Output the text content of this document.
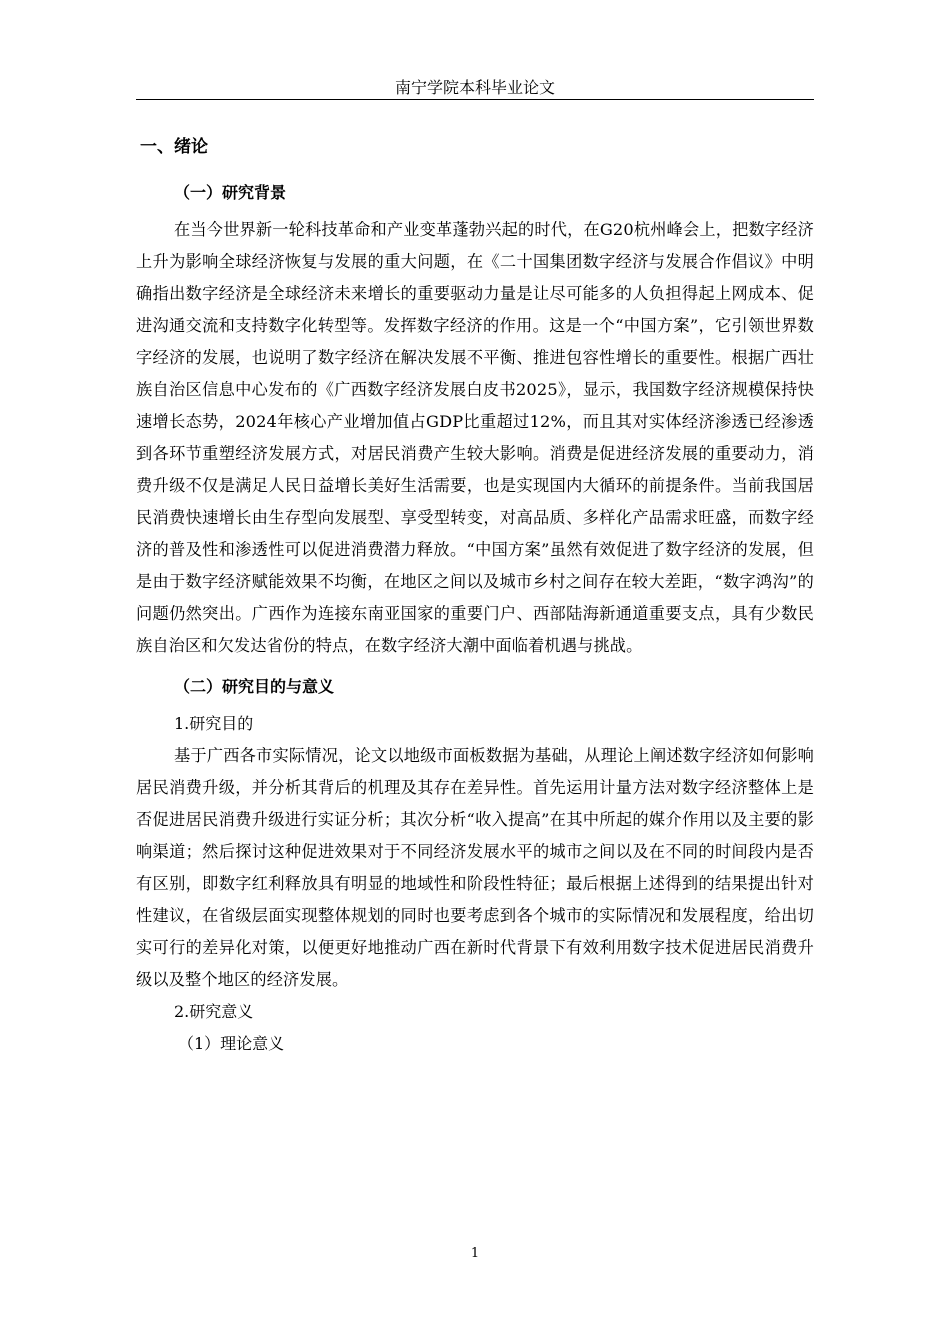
南宁学院本科毕业论文
一、绪论
（一）研究背景

在当今世界新一轮科技革命和产业变革蓬勃兴起的时代，在G20杭州峰会上，把数字经济上升为影响全球经济恢复与发展的重大问题，在《二十国集团数字经济与发展合作倡议》中明确指出数字经济是全球经济未来增长的重要驱动力量是让尽可能多的人负担得起上网成本、促进沟通交流和支持数字化转型等。发挥数字经济的作用。这是一个“中国方案”，它引领世界数字经济的发展，也说明了数字经济在解决发展不平衡、推进包容性增长的重要性。根据广西壮族自治区信息中心发布的《广西数字经济发展白皮书2025》，显示，我国数字经济规模保持快速增长态势，2024年核心产业增加值占GDP比重超过12%，而且其对实体经济渗透已经渗透到各环节重塑经济发展方式，对居民消费产生较大影响。消费是促进经济发展的重要动力，消费升级不仅是满足人民日益增长美好生活需要，也是实现国内大循环的前提条件。当前我国居民消费快速增长由生存型向发展型、享受型转变，对高品质、多样化产品需求旺盛，而数字经济的普及性和渗透性可以促进消费潜力释放。“中国方案”虽然有效促进了数字经济的发展，但是由于数字经济赋能效果不均衡，在地区之间以及城市乡村之间存在较大差距，“数字鸿沟”的问题仍然突出。广西作为连接东南亚国家的重要门户、西部陆海新通道重要支点，具有少数民族自治区和欠发达省份的特点，在数字经济大潮中面临着机遇与挑战。

（二）研究目的与意义
1.研究目的

基于广西各市实际情况，论文以地级市面板数据为基础，从理论上阐述数字经济如何影响居民消费升级，并分析其背后的机理及其存在差异性。首先运用计量方法对数字经济整体上是否促进居民消费升级进行实证分析；其次分析“收入提高”在其中所起的媒介作用以及主要的影响渠道；然后探讨这种促进效果对于不同经济发展水平的城市之间以及在不同的时间段内是否有区别，即数字红利释放具有明显的地域性和阶段性特征；最后根据上述得到的结果提出针对性建议，在省级层面实现整体规划的同时也要考虑到各个城市的实际情况和发展程度，给出切实可行的差异化对策，以便更好地推动广西在新时代背景下有效利用数字技术促进居民消费升级以及整个地区的经济发展。

2.研究意义
（1）理论意义
1
